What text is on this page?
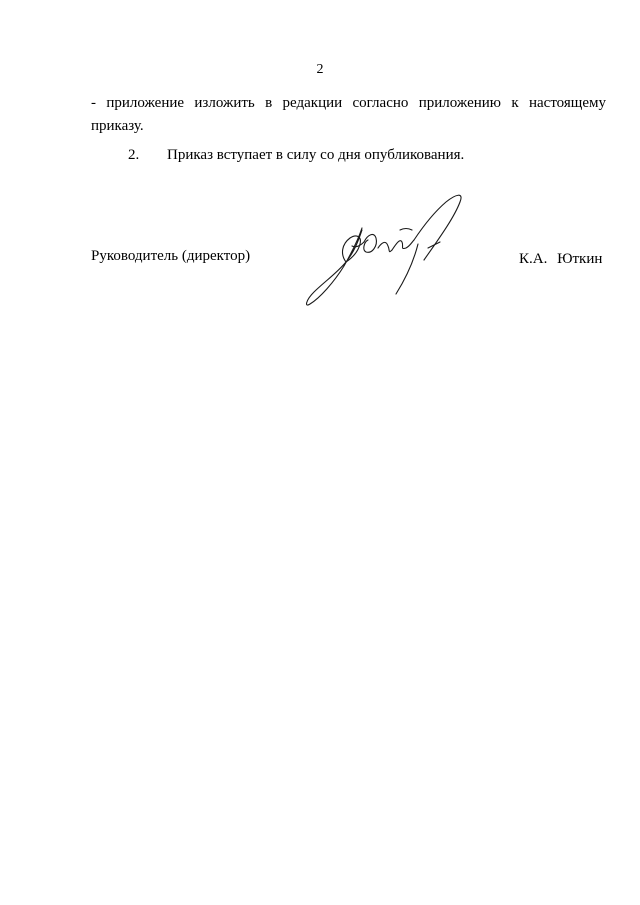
2
- приложение изложить в редакции согласно приложению к настоящему
приказу.
2. Приказ вступает в силу со дня опубликования.
Руководитель (директор)	К.А. Юткин
